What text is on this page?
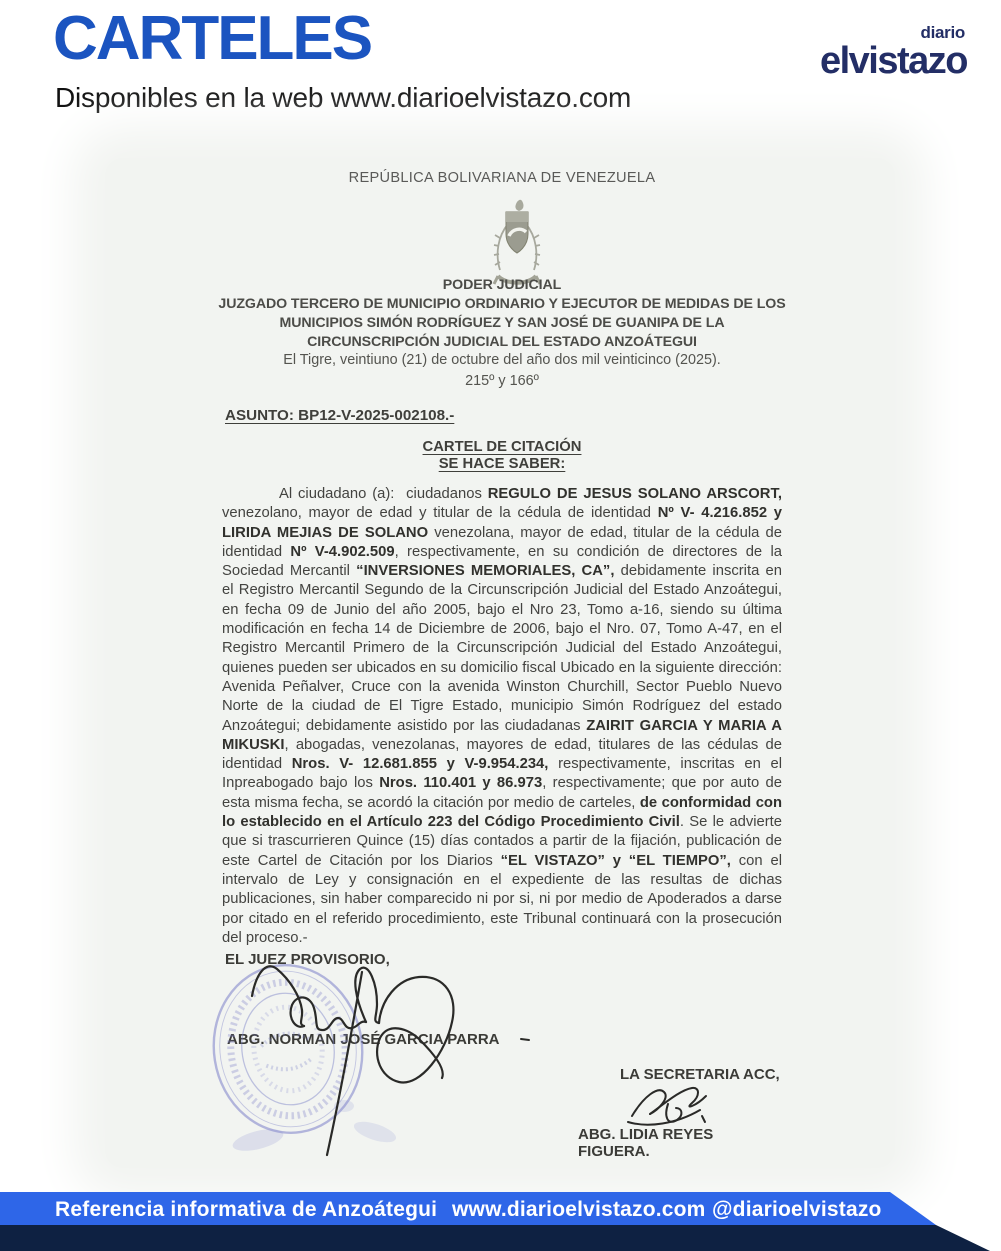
CARTELES
Disponibles en la web www.diarioelvistazo.com
diario
elvistazo
REPÚBLICA BOLIVARIANA DE VENEZUELA
PODER JUDICIAL
JUZGADO TERCERO DE MUNICIPIO ORDINARIO Y EJECUTOR DE MEDIDAS DE LOS
MUNICIPIOS SIMÓN RODRÍGUEZ Y SAN JOSÉ DE GUANIPA DE LA
CIRCUNSCRIPCIÓN JUDICIAL DEL ESTADO ANZOÁTEGUI
El Tigre, veintiuno (21) de octubre del año dos mil veinticinco (2025).
215º y 166º
ASUNTO: BP12-V-2025-002108.-
CARTEL DE CITACIÓN
SE HACE SABER:
Al ciudadano (a):  ciudadanos REGULO DE JESUS SOLANO ARSCORT, venezolano, mayor de edad y titular de la cédula de identidad Nº V- 4.216.852 y LIRIDA MEJIAS DE SOLANO venezolana, mayor de edad, titular de la cédula de identidad Nº V-4.902.509, respectivamente, en su condición de directores de la Sociedad Mercantil “INVERSIONES MEMORIALES, CA”, debidamente inscrita en el Registro Mercantil Segundo de la Circunscripción Judicial del Estado Anzoátegui, en fecha 09 de Junio del año 2005, bajo el Nro 23, Tomo a-16, siendo su última modificación en fecha 14 de Diciembre de 2006, bajo el Nro. 07, Tomo A-47, en el Registro Mercantil Primero de la Circunscripción Judicial del Estado Anzoátegui, quienes pueden ser ubicados en su domicilio fiscal Ubicado en la siguiente dirección: Avenida Peñalver, Cruce con la avenida Winston Churchill, Sector Pueblo Nuevo Norte de la ciudad de El Tigre Estado, municipio Simón Rodríguez del estado Anzoátegui; debidamente asistido por las ciudadanas ZAIRIT GARCIA Y MARIA A MIKUSKI, abogadas, venezolanas, mayores de edad, titulares de las cédulas de identidad Nros. V- 12.681.855 y V-9.954.234, respectivamente, inscritas en el Inpreabogado bajo los Nros. 110.401 y 86.973, respectivamente; que por auto de esta misma fecha, se acordó la citación por medio de carteles, de conformidad con lo establecido en el Artículo 223 del Código Procedimiento Civil. Se le advierte que si trascurrieren Quince (15) días contados a partir de la fijación, publicación de este Cartel de Citación por los Diarios “EL VISTAZO” y “EL TIEMPO”, con el intervalo de Ley y consignación en el expediente de las resultas de dichas publicaciones, sin haber comparecido ni por si, ni por medio de Apoderados a darse por citado en el referido procedimiento, este Tribunal continuará con la prosecución del proceso.-
EL JUEZ PROVISORIO,
ABG. NORMAN JOSÉ GARCIA PARRA
LA SECRETARIA ACC,
ABG. LIDIA REYES FIGUERA.
Referencia informativa de Anzoátegui www.diarioelvistazo.com @diarioelvistazo
